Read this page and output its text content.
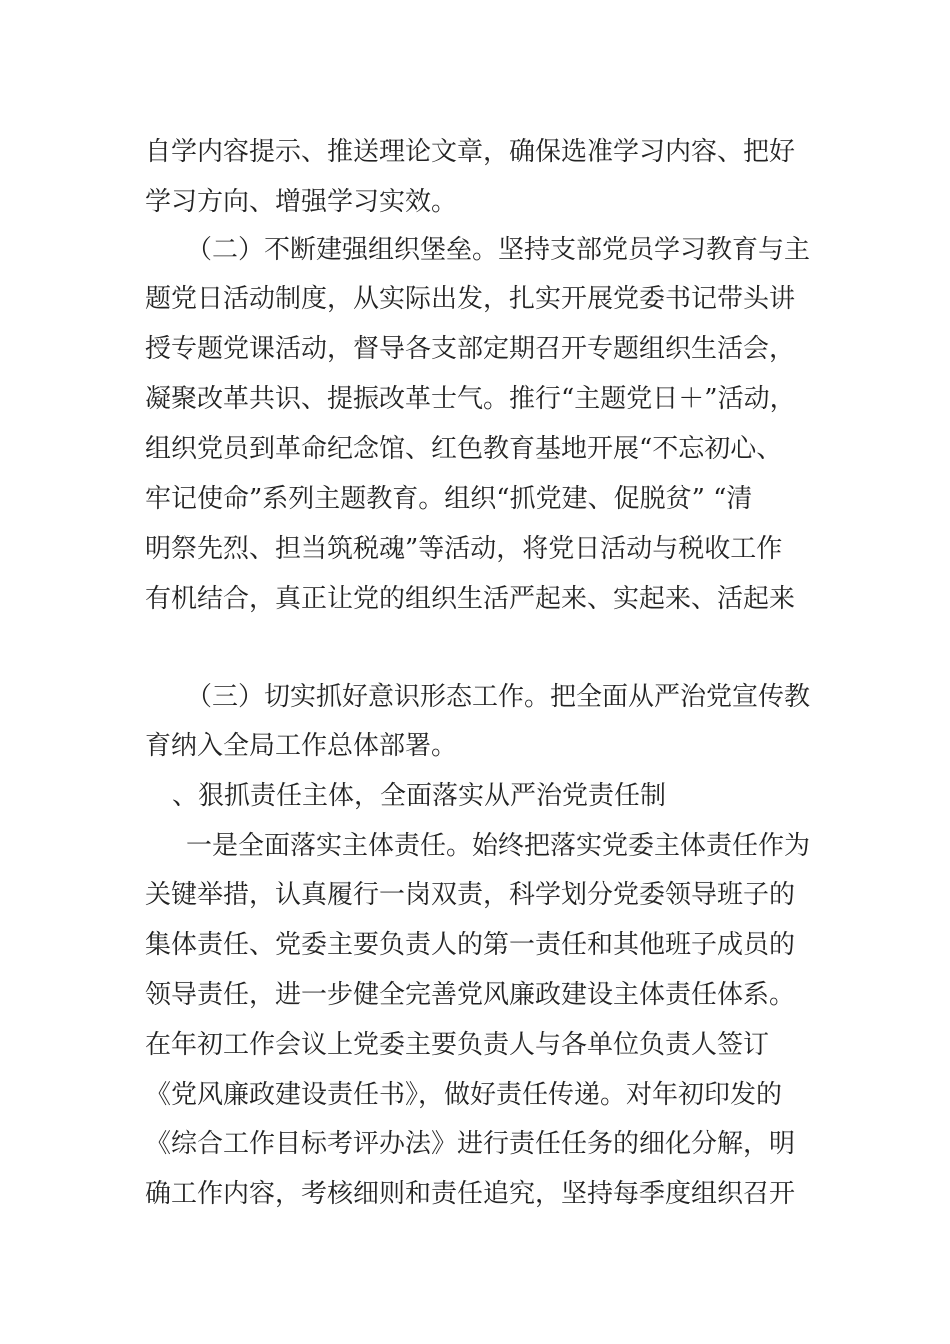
自学内容提示、推送理论文章，确保选准学习内容、把好
学习方向、增强学习实效。
（二）不断建强组织堡垒。坚持支部党员学习教育与主
题党日活动制度，从实际出发，扎实开展党委书记带头讲
授专题党课活动，督导各支部定期召开专题组织生活会，
凝聚改革共识、提振改革士气。推行“主题党日＋”活动，
组织党员到革命纪念馆、红色教育基地开展“不忘初心、
牢记使命”系列主题教育。组织“抓党建、促脱贫” “清
明祭先烈、担当筑税魂”等活动，将党日活动与税收工作
有机结合，真正让党的组织生活严起来、实起来、活起来
（三）切实抓好意识形态工作。把全面从严治党宣传教
育纳入全局工作总体部署。
、狠抓责任主体，全面落实从严治党责任制
一是全面落实主体责任。始终把落实党委主体责任作为
关键举措，认真履行一岗双责，科学划分党委领导班子的
集体责任、党委主要负责人的第一责任和其他班子成员的
领导责任，进一步健全完善党风廉政建设主体责任体系。
在年初工作会议上党委主要负责人与各单位负责人签订
《党风廉政建设责任书》，做好责任传递。对年初印发的
《综合工作目标考评办法》进行责任任务的细化分解，明
确工作内容，考核细则和责任追究，坚持每季度组织召开
